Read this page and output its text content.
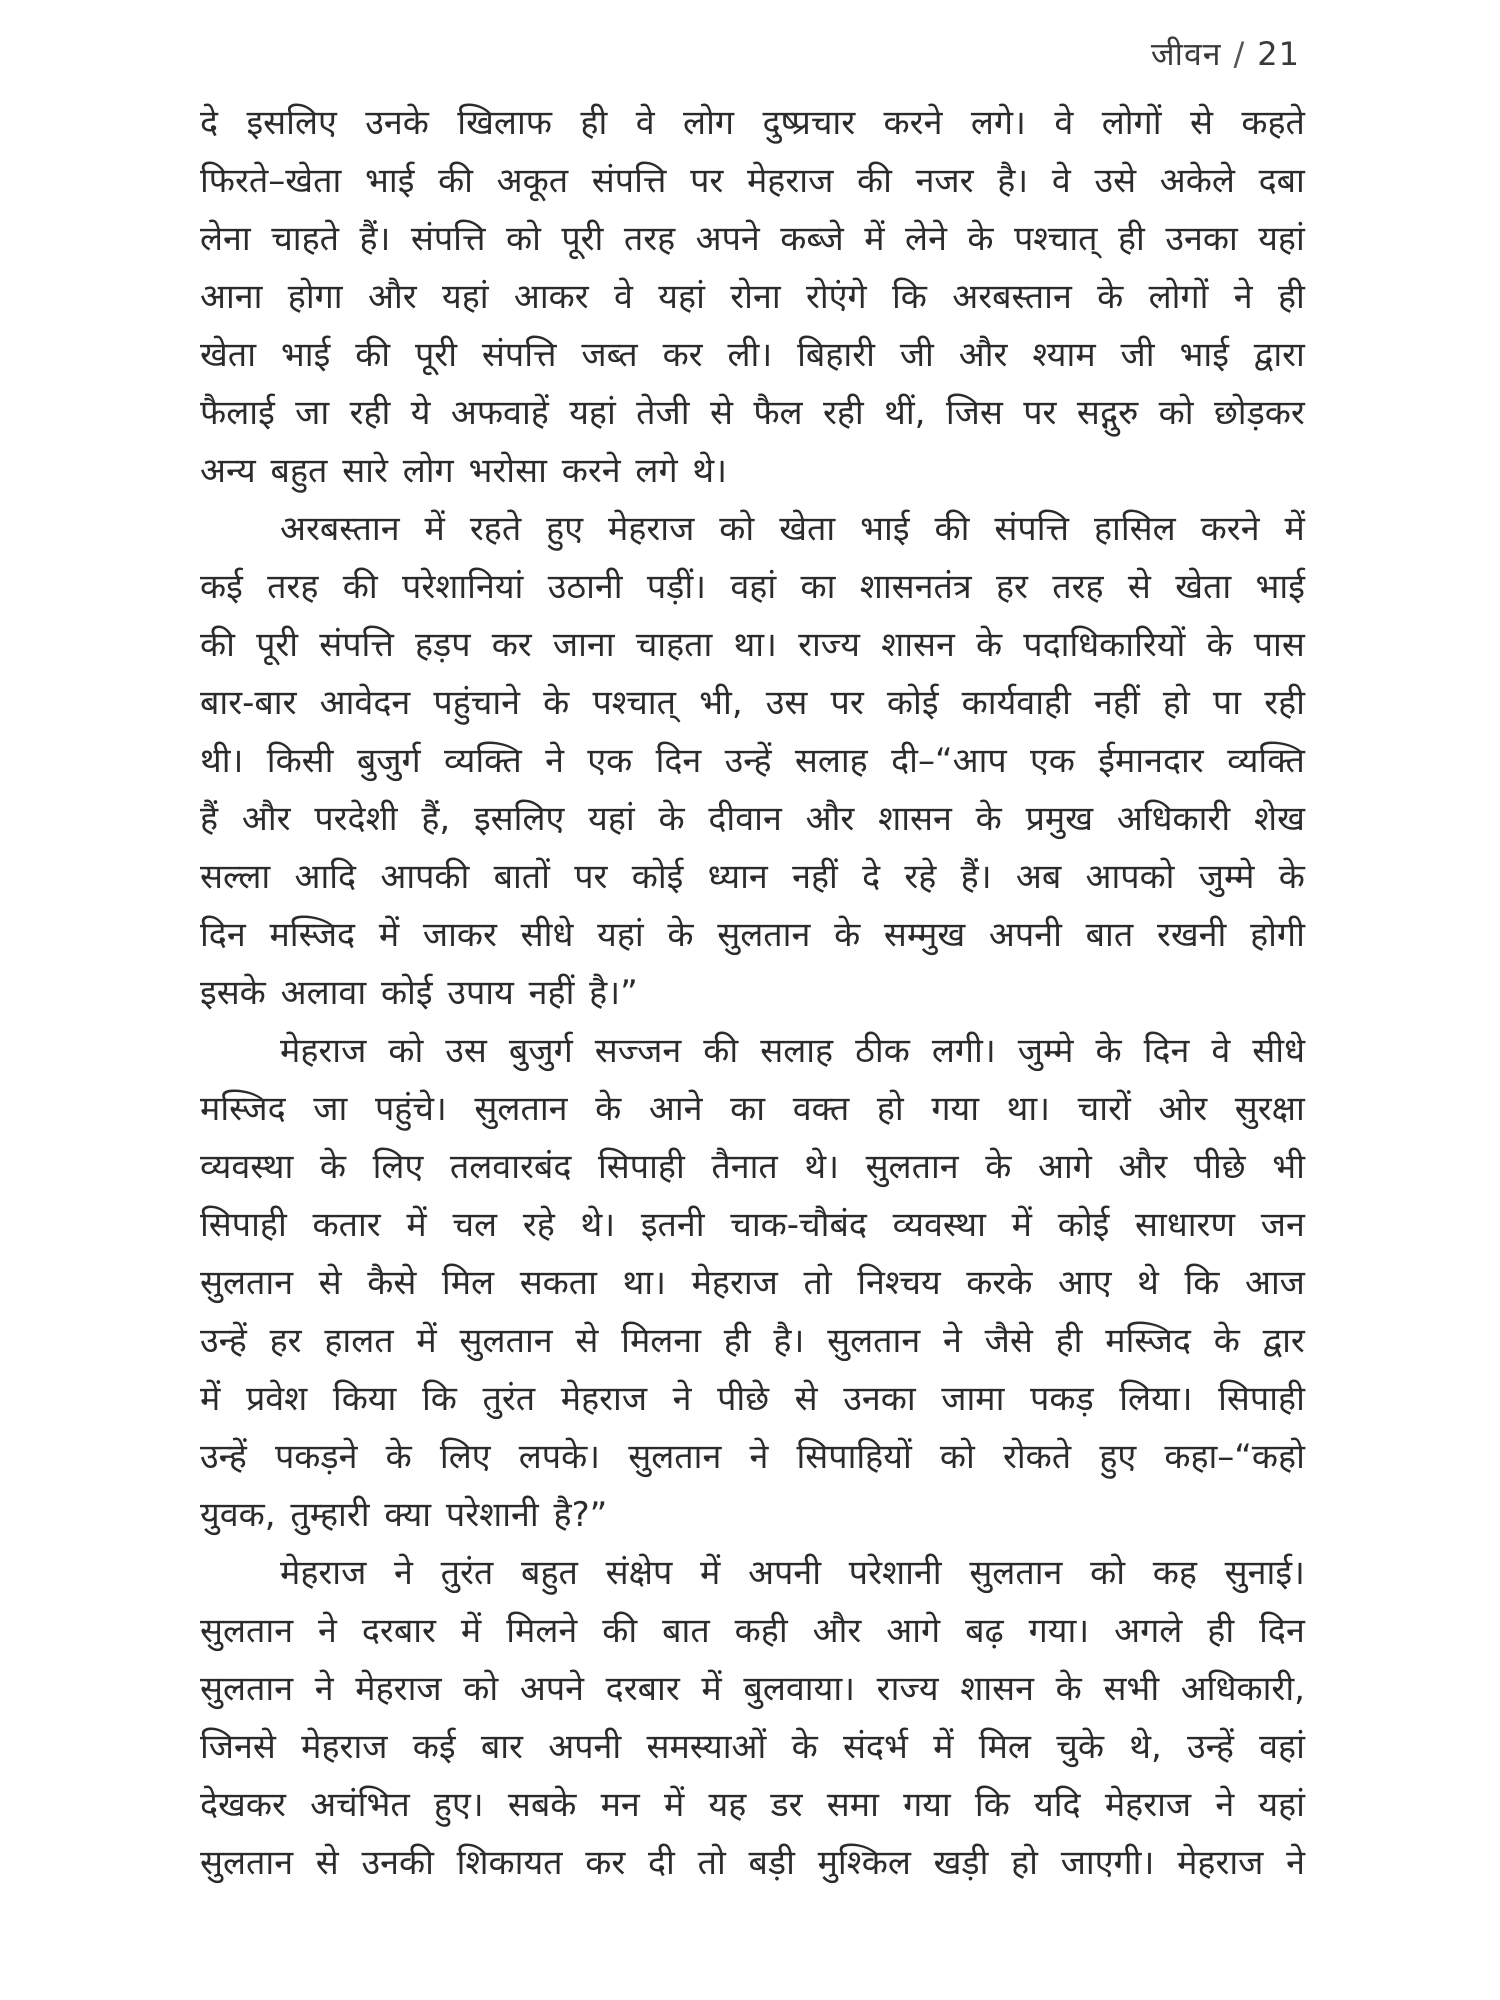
जीवन / 21
दे इसलिए उनके खिलाफ ही वे लोग दुष्प्रचार करने लगे। वे लोगों से कहते
फिरते–खेता भाई की अकूत संपत्ति पर मेहराज की नजर है। वे उसे अकेले दबा
लेना चाहते हैं। संपत्ति को पूरी तरह अपने कब्जे में लेने के पश्चात् ही उनका यहां
आना होगा और यहां आकर वे यहां रोना रोएंगे कि अरबस्तान के लोगों ने ही
खेता भाई की पूरी संपत्ति जब्त कर ली। बिहारी जी और श्याम जी भाई द्वारा
फैलाई जा रही ये अफवाहें यहां तेजी से फैल रही थीं, जिस पर सद्गुरु को छोड़कर
अन्य बहुत सारे लोग भरोसा करने लगे थे।
अरबस्तान में रहते हुए मेहराज को खेता भाई की संपत्ति हासिल करने में
कई तरह की परेशानियां उठानी पड़ीं। वहां का शासनतंत्र हर तरह से खेता भाई
की पूरी संपत्ति हड़प कर जाना चाहता था। राज्य शासन के पदाधिकारियों के पास
बार-बार आवेदन पहुंचाने के पश्चात् भी, उस पर कोई कार्यवाही नहीं हो पा रही
थी। किसी बुजुर्ग व्यक्ति ने एक दिन उन्हें सलाह दी–“आप एक ईमानदार व्यक्ति
हैं और परदेशी हैं, इसलिए यहां के दीवान और शासन के प्रमुख अधिकारी शेख
सल्ला आदि आपकी बातों पर कोई ध्यान नहीं दे रहे हैं। अब आपको जुम्मे के
दिन मस्जिद में जाकर सीधे यहां के सुलतान के सम्मुख अपनी बात रखनी होगी
इसके अलावा कोई उपाय नहीं है।”
मेहराज को उस बुजुर्ग सज्जन की सलाह ठीक लगी। जुम्मे के दिन वे सीधे
मस्जिद जा पहुंचे। सुलतान के आने का वक्त हो गया था। चारों ओर सुरक्षा
व्यवस्था के लिए तलवारबंद सिपाही तैनात थे। सुलतान के आगे और पीछे भी
सिपाही कतार में चल रहे थे। इतनी चाक-चौबंद व्यवस्था में कोई साधारण जन
सुलतान से कैसे मिल सकता था। मेहराज तो निश्चय करके आए थे कि आज
उन्हें हर हालत में सुलतान से मिलना ही है। सुलतान ने जैसे ही मस्जिद के द्वार
में प्रवेश किया कि तुरंत मेहराज ने पीछे से उनका जामा पकड़ लिया। सिपाही
उन्हें पकड़ने के लिए लपके। सुलतान ने सिपाहियों को रोकते हुए कहा–“कहो
युवक, तुम्हारी क्या परेशानी है?”
मेहराज ने तुरंत बहुत संक्षेप में अपनी परेशानी सुलतान को कह सुनाई।
सुलतान ने दरबार में मिलने की बात कही और आगे बढ़ गया। अगले ही दिन
सुलतान ने मेहराज को अपने दरबार में बुलवाया। राज्य शासन के सभी अधिकारी,
जिनसे मेहराज कई बार अपनी समस्याओं के संदर्भ में मिल चुके थे, उन्हें वहां
देखकर अचंभित हुए। सबके मन में यह डर समा गया कि यदि मेहराज ने यहां
सुलतान से उनकी शिकायत कर दी तो बड़ी मुश्किल खड़ी हो जाएगी। मेहराज ने
